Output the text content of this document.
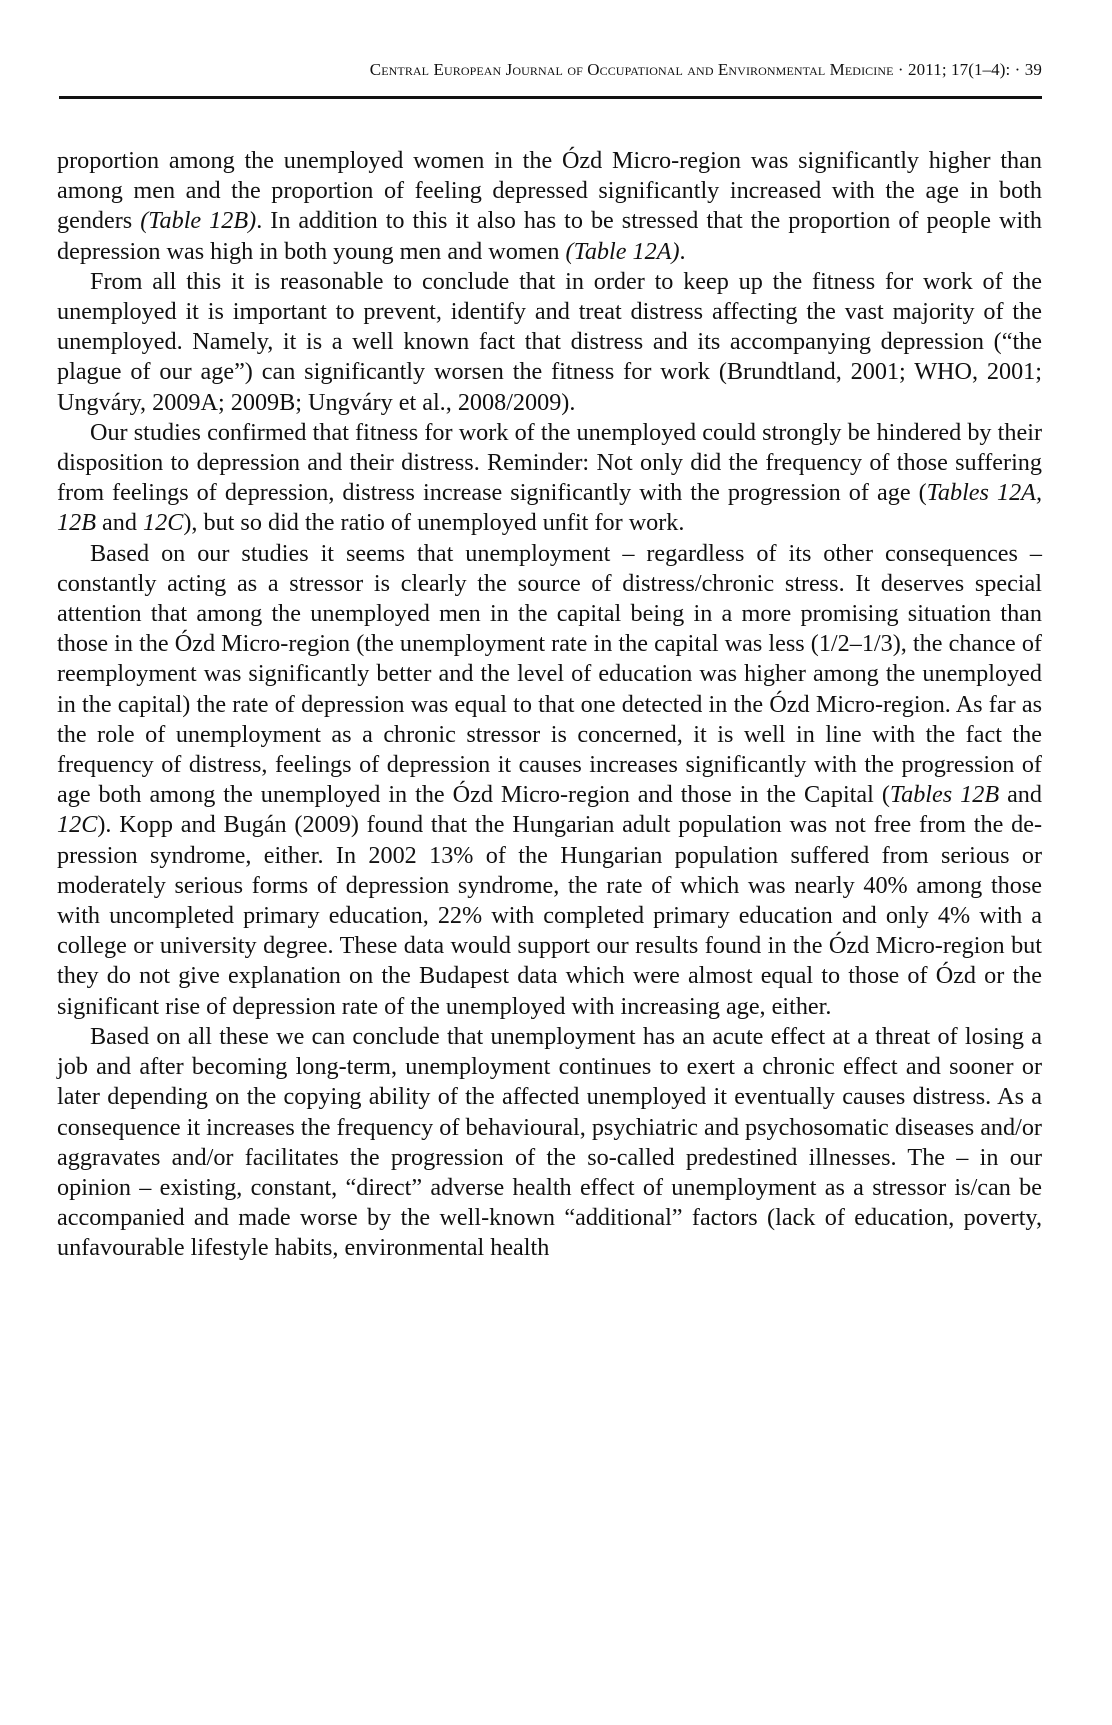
Central European Journal of Occupational and Environmental Medicine · 2011; 17(1–4): · 39

proportion among the unemployed women in the Ózd Micro-region was significantly higher than among men and the proportion of feeling depressed significantly increased with the age in both genders (Table 12B). In addition to this it also has to be stressed that the proportion of people with depression was high in both young men and women (Table 12A).

From all this it is reasonable to conclude that in order to keep up the fitness for work of the unemployed it is important to prevent, identify and treat distress affecting the vast majority of the unemployed. Namely, it is a well known fact that distress and its accompanying depression (“the plague of our age”) can significantly worsen the fitness for work (Brundtland, 2001; WHO, 2001; Ungváry, 2009A; 2009B; Ungváry et al., 2008/2009).

Our studies confirmed that fitness for work of the unemployed could strongly be hindered by their disposition to depression and their distress. Reminder: Not only did the frequency of those suffering from feelings of depression, distress increase significantly with the progression of age (Tables 12A, 12B and 12C), but so did the ratio of unemployed unfit for work.

Based on our studies it seems that unemployment – regardless of its other consequences – constantly acting as a stressor is clearly the source of distress/chronic stress. It deserves special attention that among the unemployed men in the capital being in a more promising situation than those in the Ózd Micro-region (the unemployment rate in the capital was less (1/2–1/3), the chance of reemployment was significantly better and the level of education was higher among the unemployed in the capital) the rate of depression was equal to that one detected in the Ózd Micro-region. As far as the role of unemployment as a chronic stressor is concerned, it is well in line with the fact the frequency of distress, feelings of depression it causes increases significantly with the progression of age both among the unemployed in the Ózd Micro-region and those in the Capital (Tables 12B and 12C). Kopp and Bugán (2009) found that the Hungarian adult population was not free from the depression syndrome, either. In 2002 13% of the Hungarian population suffered from serious or moderately serious forms of depression syndrome, the rate of which was nearly 40% among those with uncompleted primary education, 22% with completed primary education and only 4% with a college or university degree. These data would support our results found in the Ózd Micro-region but they do not give explanation on the Budapest data which were almost equal to those of Ózd or the significant rise of depression rate of the unemployed with increasing age, either.

Based on all these we can conclude that unemployment has an acute effect at a threat of losing a job and after becoming long-term, unemployment continues to exert a chronic effect and sooner or later depending on the copying ability of the affected unemployed it eventually causes distress. As a consequence it increases the frequency of behavioural, psychiatric and psychosomatic diseases and/or aggravates and/or facilitates the progression of the so-called predestined illnesses. The – in our opinion – existing, constant, “direct” adverse health effect of unemployment as a stressor is/can be accompanied and made worse by the well-known “additional” factors (lack of education, poverty, unfavourable lifestyle habits, environmental health
